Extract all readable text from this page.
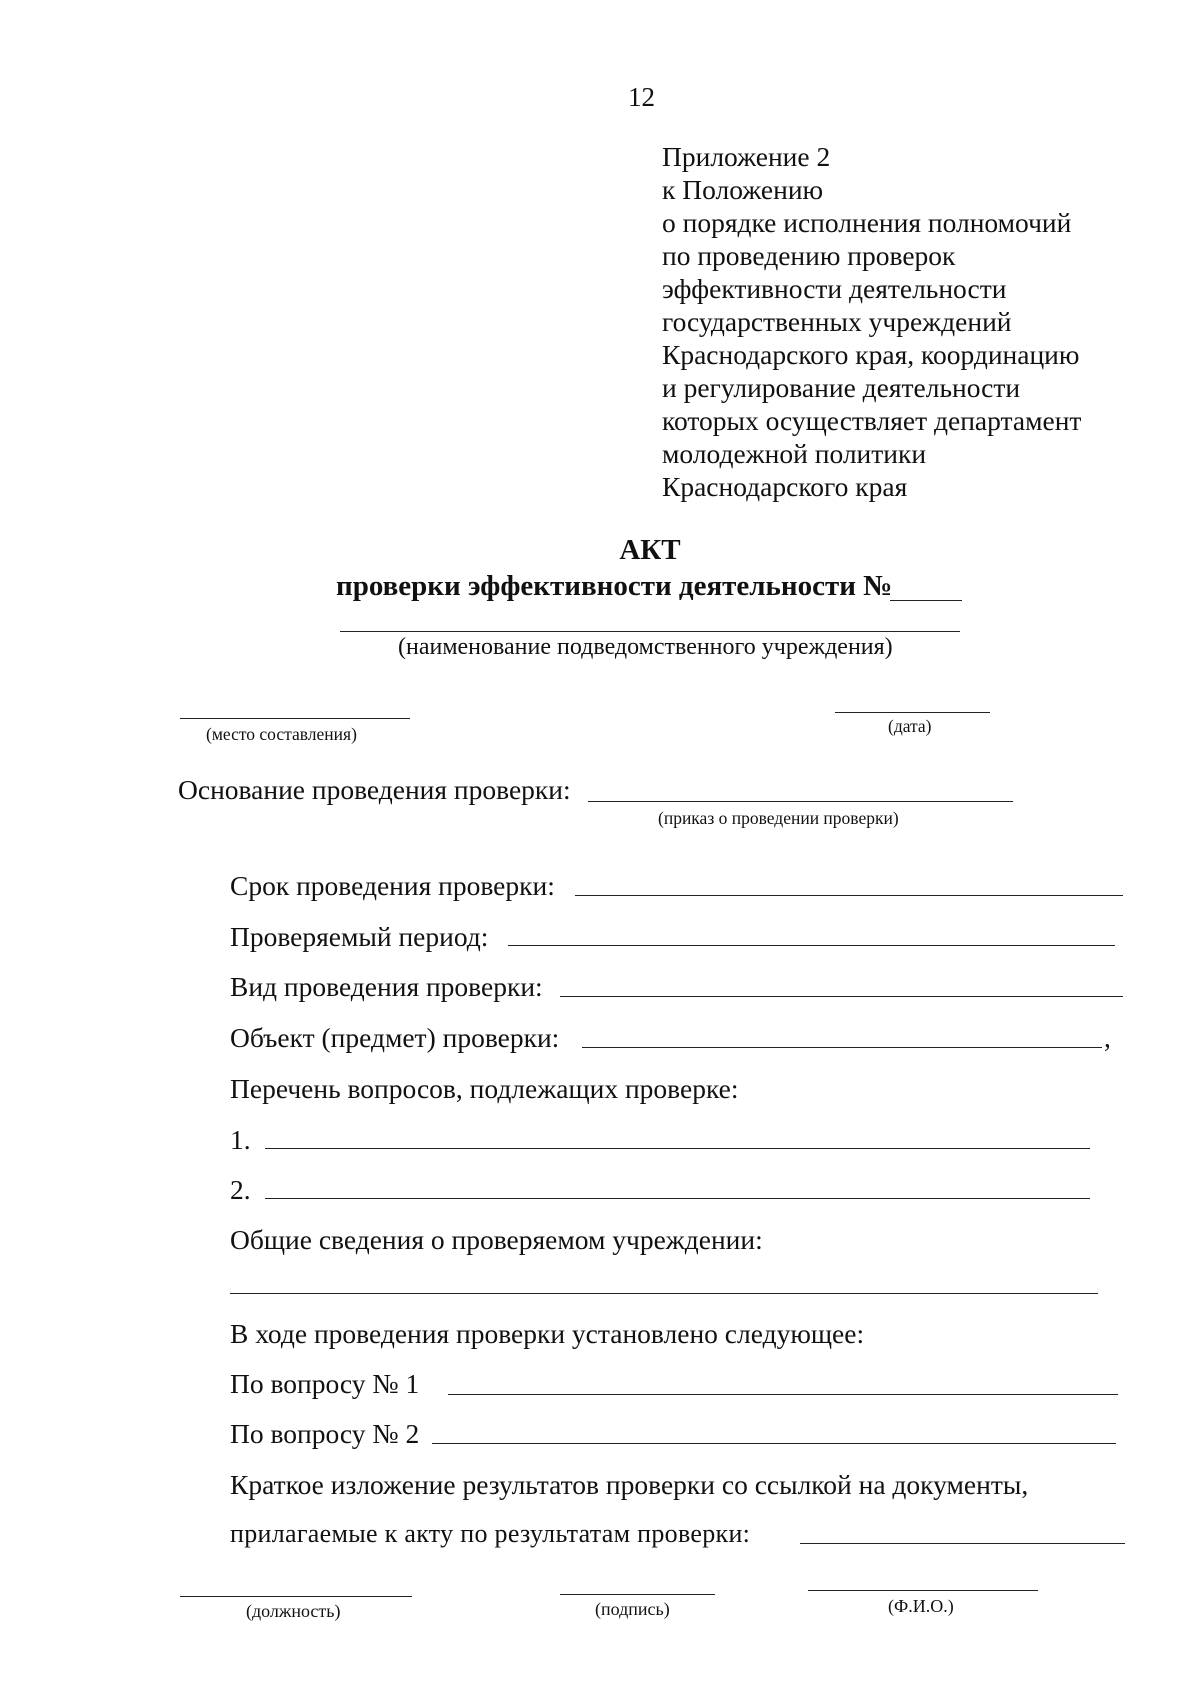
12
Приложение 2
к Положению
о порядке исполнения полномочий
по проведению проверок
эффективности деятельности
государственных учреждений
Краснодарского края, координацию
и регулирование деятельности
которых осуществляет департамент
молодежной политики
Краснодарского края
АКТ
проверки эффективности деятельности №
(наименование подведомственного учреждения)
(место составления)	(дата)
Основание проведения проверки:
(приказ о проведении проверки)
Срок проведения проверки:
Проверяемый период:
Вид проведения проверки:
Объект (предмет) проверки:	,
Перечень вопросов, подлежащих проверке:
1.
2.
Общие сведения о проверяемом учреждении:
В ходе проведения проверки установлено следующее:
По вопросу № 1
По вопросу № 2
Краткое изложение результатов проверки со ссылкой на документы,
прилагаемые к акту по результатам проверки:
(должность)	(подпись)	(Ф.И.О.)
